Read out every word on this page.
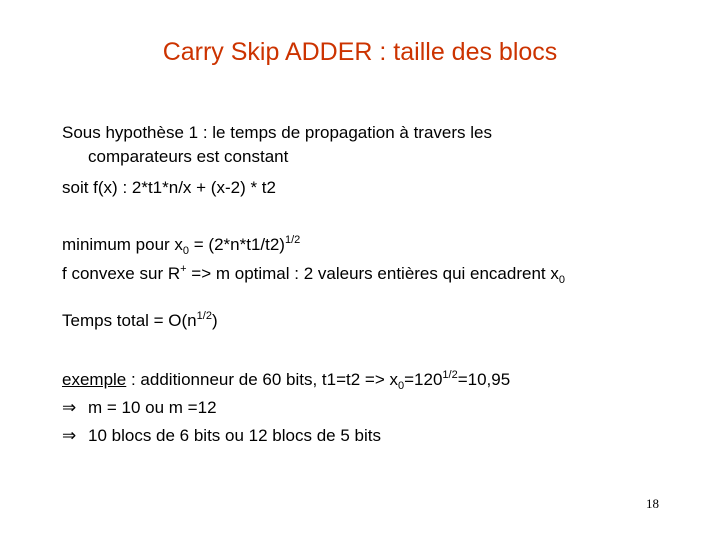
Carry Skip ADDER : taille des blocs
Sous hypothèse 1 : le temps de propagation à travers les
comparateurs est constant
soit f(x) : 2*t1*n/x + (x-2) * t2
minimum pour $x_0 = (2*n*t1/t2)^{1/2}$
f convexe sur R+ => m optimal : 2 valeurs entières qui encadrent $x_0$
Temps total = $O(n^{1/2})$
exemple : additionneur de 60 bits, $t1=t2 => x_0=120^{1/2}=10,95$
⇒ m = 10 ou m =12
⇒ 10 blocs de 6 bits ou 12 blocs de 5 bits
18
